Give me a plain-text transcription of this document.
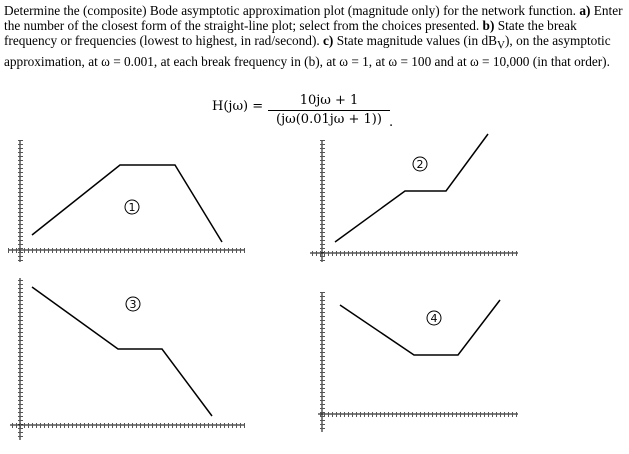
Determine the (composite) Bode asymptotic approximation plot (magnitude only) for the network function. a) Enter the number of the closest form of the straight-line plot; select from the choices presented. b) State the break frequency or frequencies (lowest to highest, in rad/second). c) State magnitude values (in $dB_V$), on the asymptotic approximation, at ω = 0.001, at each break frequency in (b), at ω = 1, at ω = 100 and at ω = 10,000 (in that order).

H(jω) =	10jω + 1
(jω(0.01jω + 1)) .
1
2
3
4
